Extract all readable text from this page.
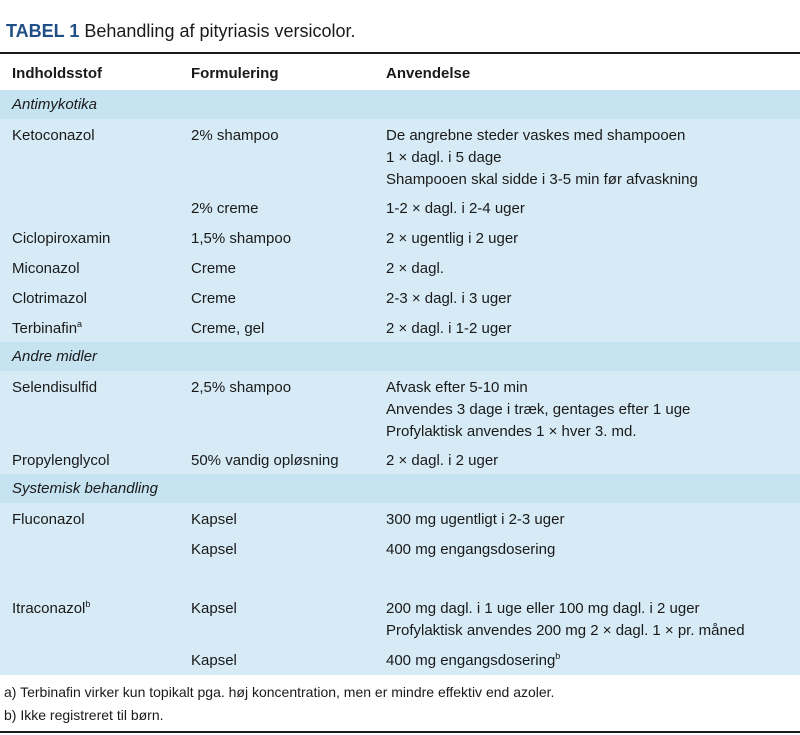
TABEL 1 Behandling af pityriasis versicolor.
Indholdsstof	Formulering	Anvendelse
Antimykotika
Ketoconazol	2% shampoo	De angrebne steder vaskes med shampooen
1 × dagl. i 5 dage
Shampooen skal sidde i 3-5 min før afvaskning
2% creme	1-2 × dagl. i 2-4 uger
Ciclopiroxamin	1,5% shampoo	2 × ugentlig i 2 uger
Miconazol	Creme	2 × dagl.
Clotrimazol	Creme	2-3 × dagl. i 3 uger
Terbinafin$^a$	Creme, gel	2 × dagl. i 1-2 uger
Andre midler
Selendisulfid	2,5% shampoo	Afvask efter 5-10 min
Anvendes 3 dage i træk, gentages efter 1 uge
Profylaktisk anvendes 1 × hver 3. md.
Propylenglycol	50% vandig opløsning	2 × dagl. i 2 uger
Systemisk behandling
Fluconazol	Kapsel	300 mg ugentligt i 2-3 uger
Kapsel	400 mg engangsdosering
Itraconazol$^b$	Kapsel	200 mg dagl. i 1 uge eller 100 mg dagl. i 2 uger
Profylaktisk anvendes 200 mg 2 × dagl. 1 × pr. måned
Kapsel	400 mg engangsdosering$^b$
a) Terbinafin virker kun topikalt pga. høj koncentration, men er mindre effektiv end azoler.
b) Ikke registreret til børn.
